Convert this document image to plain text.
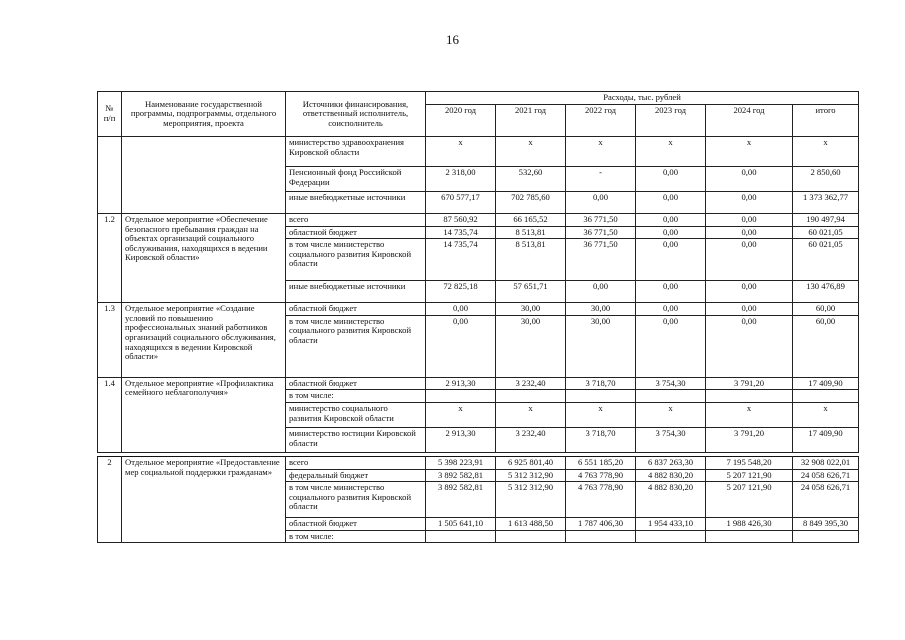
16
№ п/п	Наименование государственной программы, подпрограммы, отдельного мероприятия, проекта	Источники финансирования, ответственный исполнитель, соисполнитель	Расходы, тыс. рублей					
			2020 год	2021 год	2022 год	2023 год	2024 год	итого
		министерство здравоохранения Кировской области	х	х	х	х	х	х
		Пенсионный фонд Российской Федерации	2 318,00	532,60	-	0,00	0,00	2 850,60
		иные внебюджетные источники	670 577,17	702 785,60	0,00	0,00	0,00	1 373 362,77
1.2	Отдельное мероприятие «Обеспечение безопасного пребывания граждан на объектах организаций социального обслуживания, находящихся в ведении Кировской области»	всего	87 560,92	66 165,52	36 771,50	0,00	0,00	190 497,94
		областной бюджет	14 735,74	8 513,81	36 771,50	0,00	0,00	60 021,05
		в том числе министерство социального развития Кировской области	14 735,74	8 513,81	36 771,50	0,00	0,00	60 021,05
		иные внебюджетные источники	72 825,18	57 651,71	0,00	0,00	0,00	130 476,89
1.3	Отдельное мероприятие «Создание условий по повышению профессиональных знаний работников организаций социального обслуживания, находящихся в ведении Кировской области»	областной бюджет	0,00	30,00	30,00	0,00	0,00	60,00
		в том числе министерство социального развития Кировской области	0,00	30,00	30,00	0,00	0,00	60,00
1.4	Отдельное мероприятие «Профилактика семейного неблагополучия»	областной бюджет	2 913,30	3 232,40	3 718,70	3 754,30	3 791,20	17 409,90
		в том числе:						
		министерство социального развития Кировской области	х	х	х	х	х	х
		министерство юстиции Кировской области	2 913,30	3 232,40	3 718,70	3 754,30	3 791,20	17 409,90

2	Отдельное мероприятие «Предоставление мер социальной поддержки гражданам»	всего	5 398 223,91	6 925 801,40	6 551 185,20	6 837 263,30	7 195 548,20	32 908 022,01
		федеральный бюджет	3 892 582,81	5 312 312,90	4 763 778,90	4 882 830,20	5 207 121,90	24 058 626,71
		в том числе министерство социального развития Кировской области	3 892 582,81	5 312 312,90	4 763 778,90	4 882 830,20	5 207 121,90	24 058 626,71
		областной бюджет	1 505 641,10	1 613 488,50	1 787 406,30	1 954 433,10	1 988 426,30	8 849 395,30
		в том числе:						
